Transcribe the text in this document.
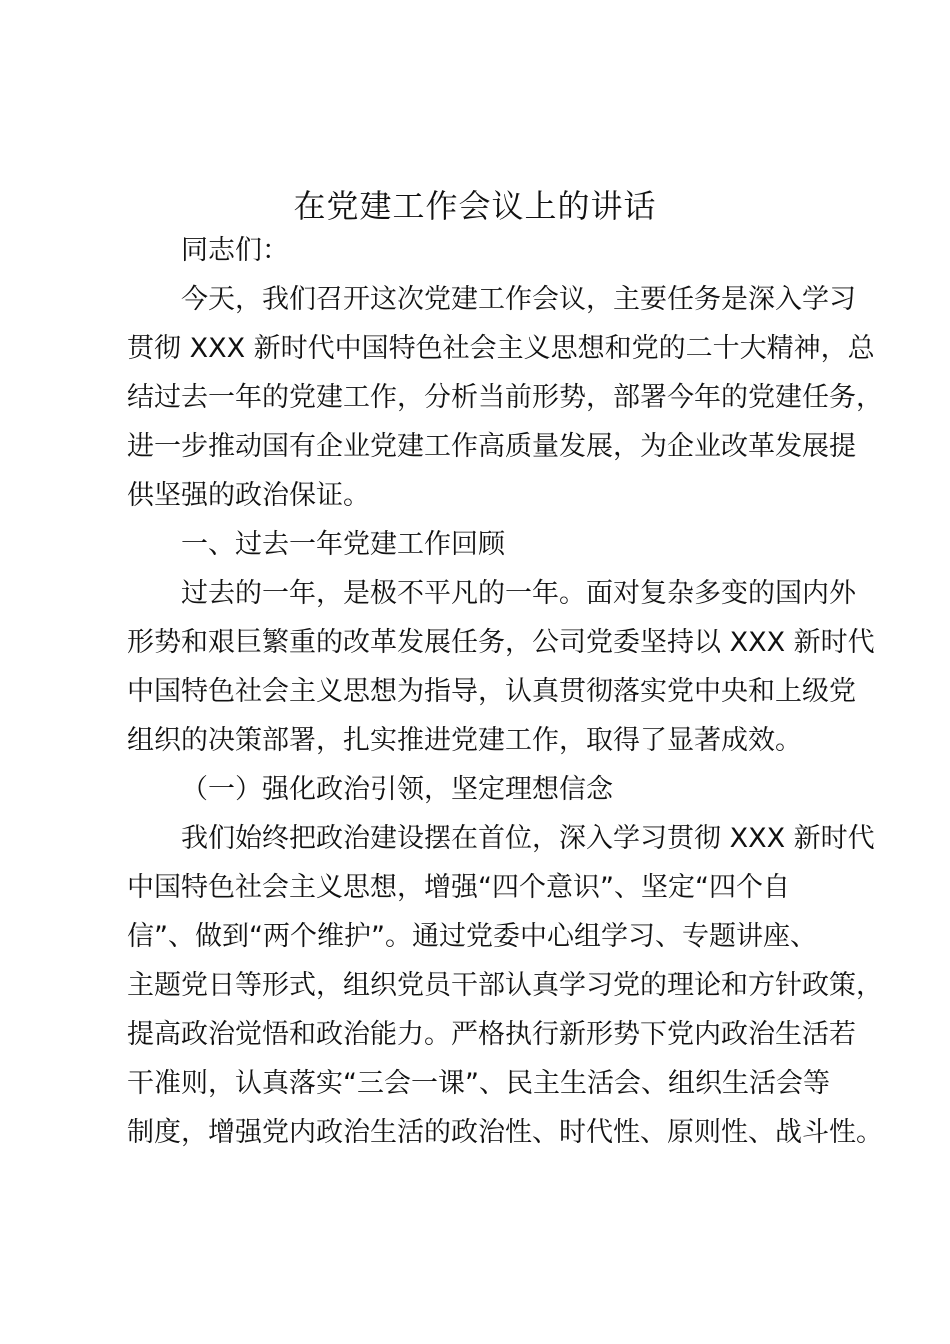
在党建工作会议上的讲话
同志们：
今天，我们召开这次党建工作会议，主要任务是深入学习
贯彻 XXX 新时代中国特色社会主义思想和党的二十大精神，总
结过去一年的党建工作，分析当前形势，部署今年的党建任务，
进一步推动国有企业党建工作高质量发展，为企业改革发展提
供坚强的政治保证。
一、过去一年党建工作回顾
过去的一年，是极不平凡的一年。面对复杂多变的国内外
形势和艰巨繁重的改革发展任务，公司党委坚持以 XXX 新时代
中国特色社会主义思想为指导，认真贯彻落实党中央和上级党
组织的决策部署，扎实推进党建工作，取得了显著成效。
（一）强化政治引领，坚定理想信念
我们始终把政治建设摆在首位，深入学习贯彻 XXX 新时代
中国特色社会主义思想，增强“四个意识”、坚定“四个自
信”、做到“两个维护”。通过党委中心组学习、专题讲座、
主题党日等形式，组织党员干部认真学习党的理论和方针政策，
提高政治觉悟和政治能力。严格执行新形势下党内政治生活若
干准则，认真落实“三会一课”、民主生活会、组织生活会等
制度，增强党内政治生活的政治性、时代性、原则性、战斗性。
